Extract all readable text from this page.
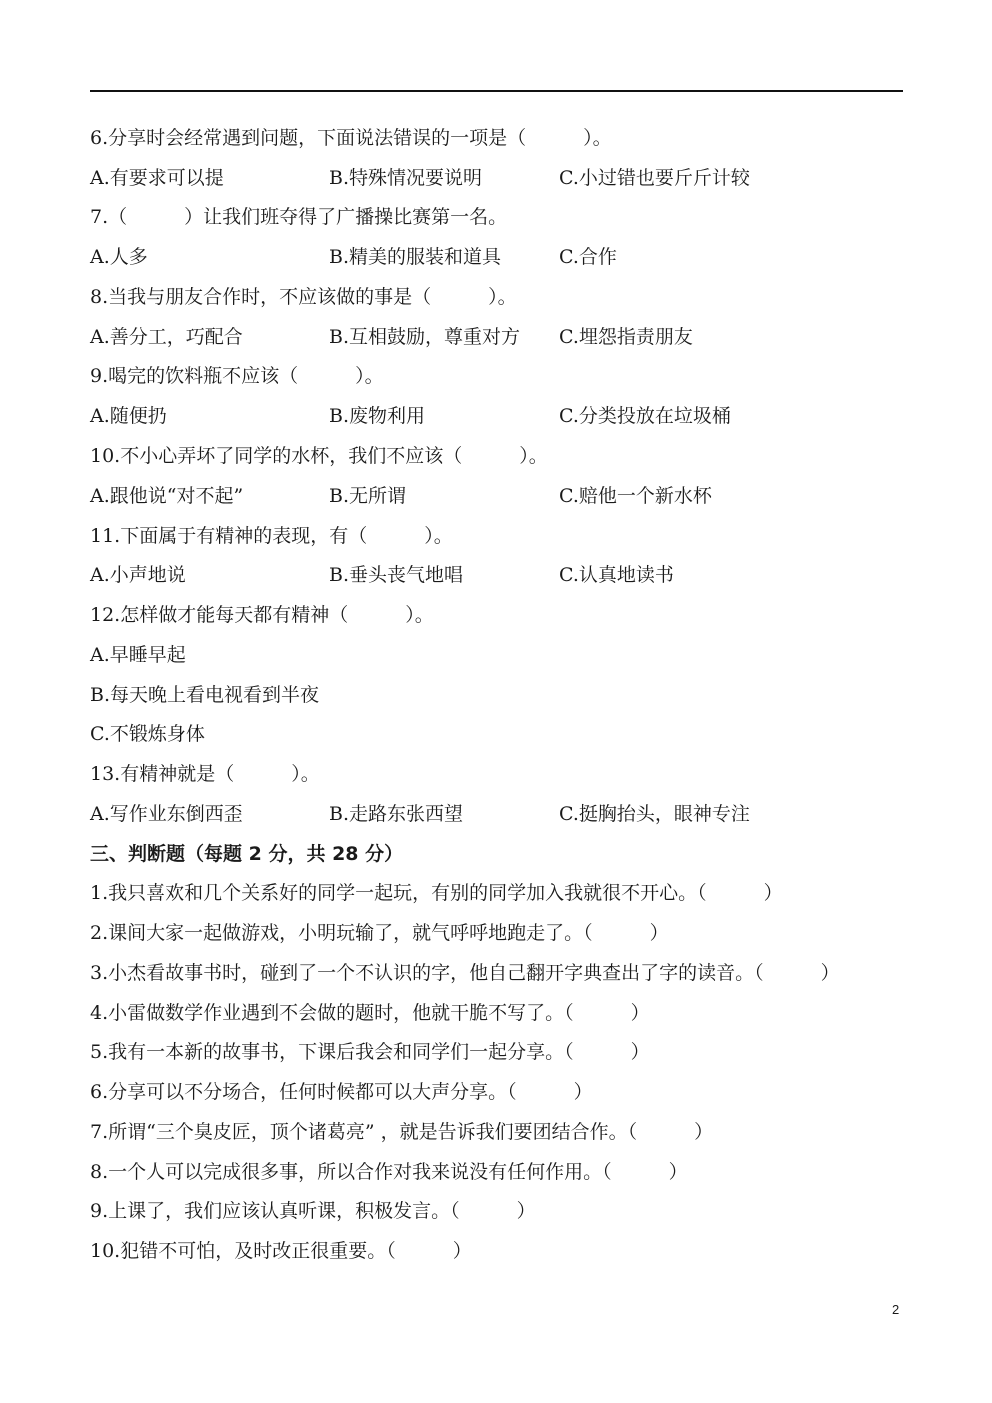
6.分享时会经常遇到问题，下面说法错误的一项是（　　　）。
A.有要求可以提	B.特殊情况要说明	C.小过错也要斤斤计较
7.（　　　）让我们班夺得了广播操比赛第一名。
A.人多	B.精美的服装和道具	C.合作
8.当我与朋友合作时，不应该做的事是（　　　）。
A.善分工，巧配合	B.互相鼓励，尊重对方 C.埋怨指责朋友
9.喝完的饮料瓶不应该（　　　）。
A.随便扔	B.废物利用	C.分类投放在垃圾桶
10.不小心弄坏了同学的水杯，我们不应该（　　　）。
A.跟他说“对不起”	B.无所谓	C.赔他一个新水杯
11.下面属于有精神的表现，有（　　　）。
A.小声地说	B.垂头丧气地唱	C.认真地读书
12.怎样做才能每天都有精神（　　　）。
A.早睡早起
B.每天晚上看电视看到半夜
C.不锻炼身体
13.有精神就是（　　　）。
A.写作业东倒西歪	B.走路东张西望	C.挺胸抬头，眼神专注
三、判断题（每题 2 分，共 28 分）
1.我只喜欢和几个关系好的同学一起玩，有别的同学加入我就很不开心。（　　　）
2.课间大家一起做游戏，小明玩输了，就气呼呼地跑走了。（　　　）
3.小杰看故事书时，碰到了一个不认识的字，他自己翻开字典查出了字的读音。（　　　）
4.小雷做数学作业遇到不会做的题时，他就干脆不写了。（　　　）
5.我有一本新的故事书，下课后我会和同学们一起分享。（　　　）
6.分享可以不分场合，任何时候都可以大声分享。（　　　）
7.所谓“三个臭皮匠，顶个诸葛亮” ，就是告诉我们要团结合作。（　　　）
8.一个人可以完成很多事，所以合作对我来说没有任何作用。（　　　）
9.上课了，我们应该认真听课，积极发言。（　　　）
10.犯错不可怕，及时改正很重要。（　　　）
2
